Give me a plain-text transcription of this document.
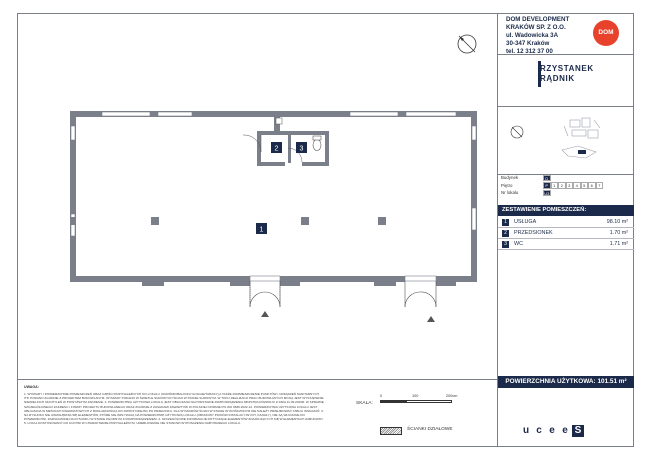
2	3
1
UWAGA:
1. WYMIARY I POWIERZCHNIE POMIESZCZEŃ OBAZ CZĘŚCI PRZYNALEŻNYCH DO LOKALU (OGRÓDKI/BALKONY/LOGGIE/TARASY) A TAKŻE ROZMIESZCZENIE PUNKTÓW I URZĄDZEŃ SANITARNYCH ITP. PODANO ZGODNIE Z PROJEKTEM BUDOWLANYM. WYMIARY PODANO W ŚWIETLE SUROWYCH ŚCIAN W STANIE SUROWYM. W TOKU REALIZACJI PRAC BUDOWLANYCH MOGĄ JEST WYSTĄPIENIE NIEWIELKICH ODCHYLEŃ W POWYŻSZYM ZAKRESIE. 2. POWIERZCHNIA UŻYTKOWA LOKALU JEST OBLICZANA NA PODSTAWIE ROZPORZĄDZENIA MINISTRA ROZWOJU Z DNIA 11.09.2020R. W SPRAWIE SZCZEGÓŁOWEGO ZAKRESU I FORMY PROJEKTU BUDOWLANEGO ORAZ ZGODNIE Z ZASADAMI ZAWARTYMI W POLSKIEJ NORMIE PN-ISO 9836:2022-12. POWIERZCHNIA UŻYTKOWA LOKALU JEST OBLICZANA W METRACH KWADRATOWYCH Z DOKŁADNOŚCIĄ DO DWÓCH MIEJSC PO PRZECINKU. DLA WYMIARÓW ŚCIAN W STANIE WYKOŃCZONYM NIE NALEŻY PRZEJMOWAĆ TABLIC WSKAZAŃ. 3. NA RYSUNKU NIE UWZGLĘDNIA SIĘ ELEMENTÓW, KTÓRE NIE WPŁYWAJĄ NA POWIERZCHNIĘ UŻYTKOWĄ LOKALU (OBUDOWY PIONÓW INSTALACYJNYCH, KANAŁY), NIE SĄ WLICZANE DO POWIERZCHNI, ZAZNACZONE NA RYSUNKU W STANIE ZGODNYM Z ROZPORZĄDZENIEM. 4. SZCZEGÓŁOWE INFORMACJE DOTYCZĄCE ELEMENTÓW ZNAJDUJĄCYCH SIĘ W ELEMENTACH ZABUDOWY. 5. LOKAL DOSTOSOWANY DO KUCHNI W CHARAKTERZE PRZYNALEŻNYM; UMEBLOWANIE NIE STANOWI WYPOSAŻENIA NABYWANEGO LOKALU.
SKALA:
0	100	200cm
ŚCIANKI DZIAŁOWE
DOM DEVELOPMENT
KRAKÓW SP. Z O.O.
ul. Wadowicka 3A
30-347 Kraków
tel. 12 312 37 00
DOM
RZYSTANEK
RĄDNIK
Budynek	D
Piętro	P	1	2	3	4	5	6	7
Nr lokalu	U3
ZESTAWIENIE POMIESZCZEŃ:
1	USŁUGA	98.10 m²
2	PRZEDSIONEK	1.70 m²
3	WC	1.71 m²
POWIERZCHNIA UŻYTKOWA: 101.51 m²
u c e e S
